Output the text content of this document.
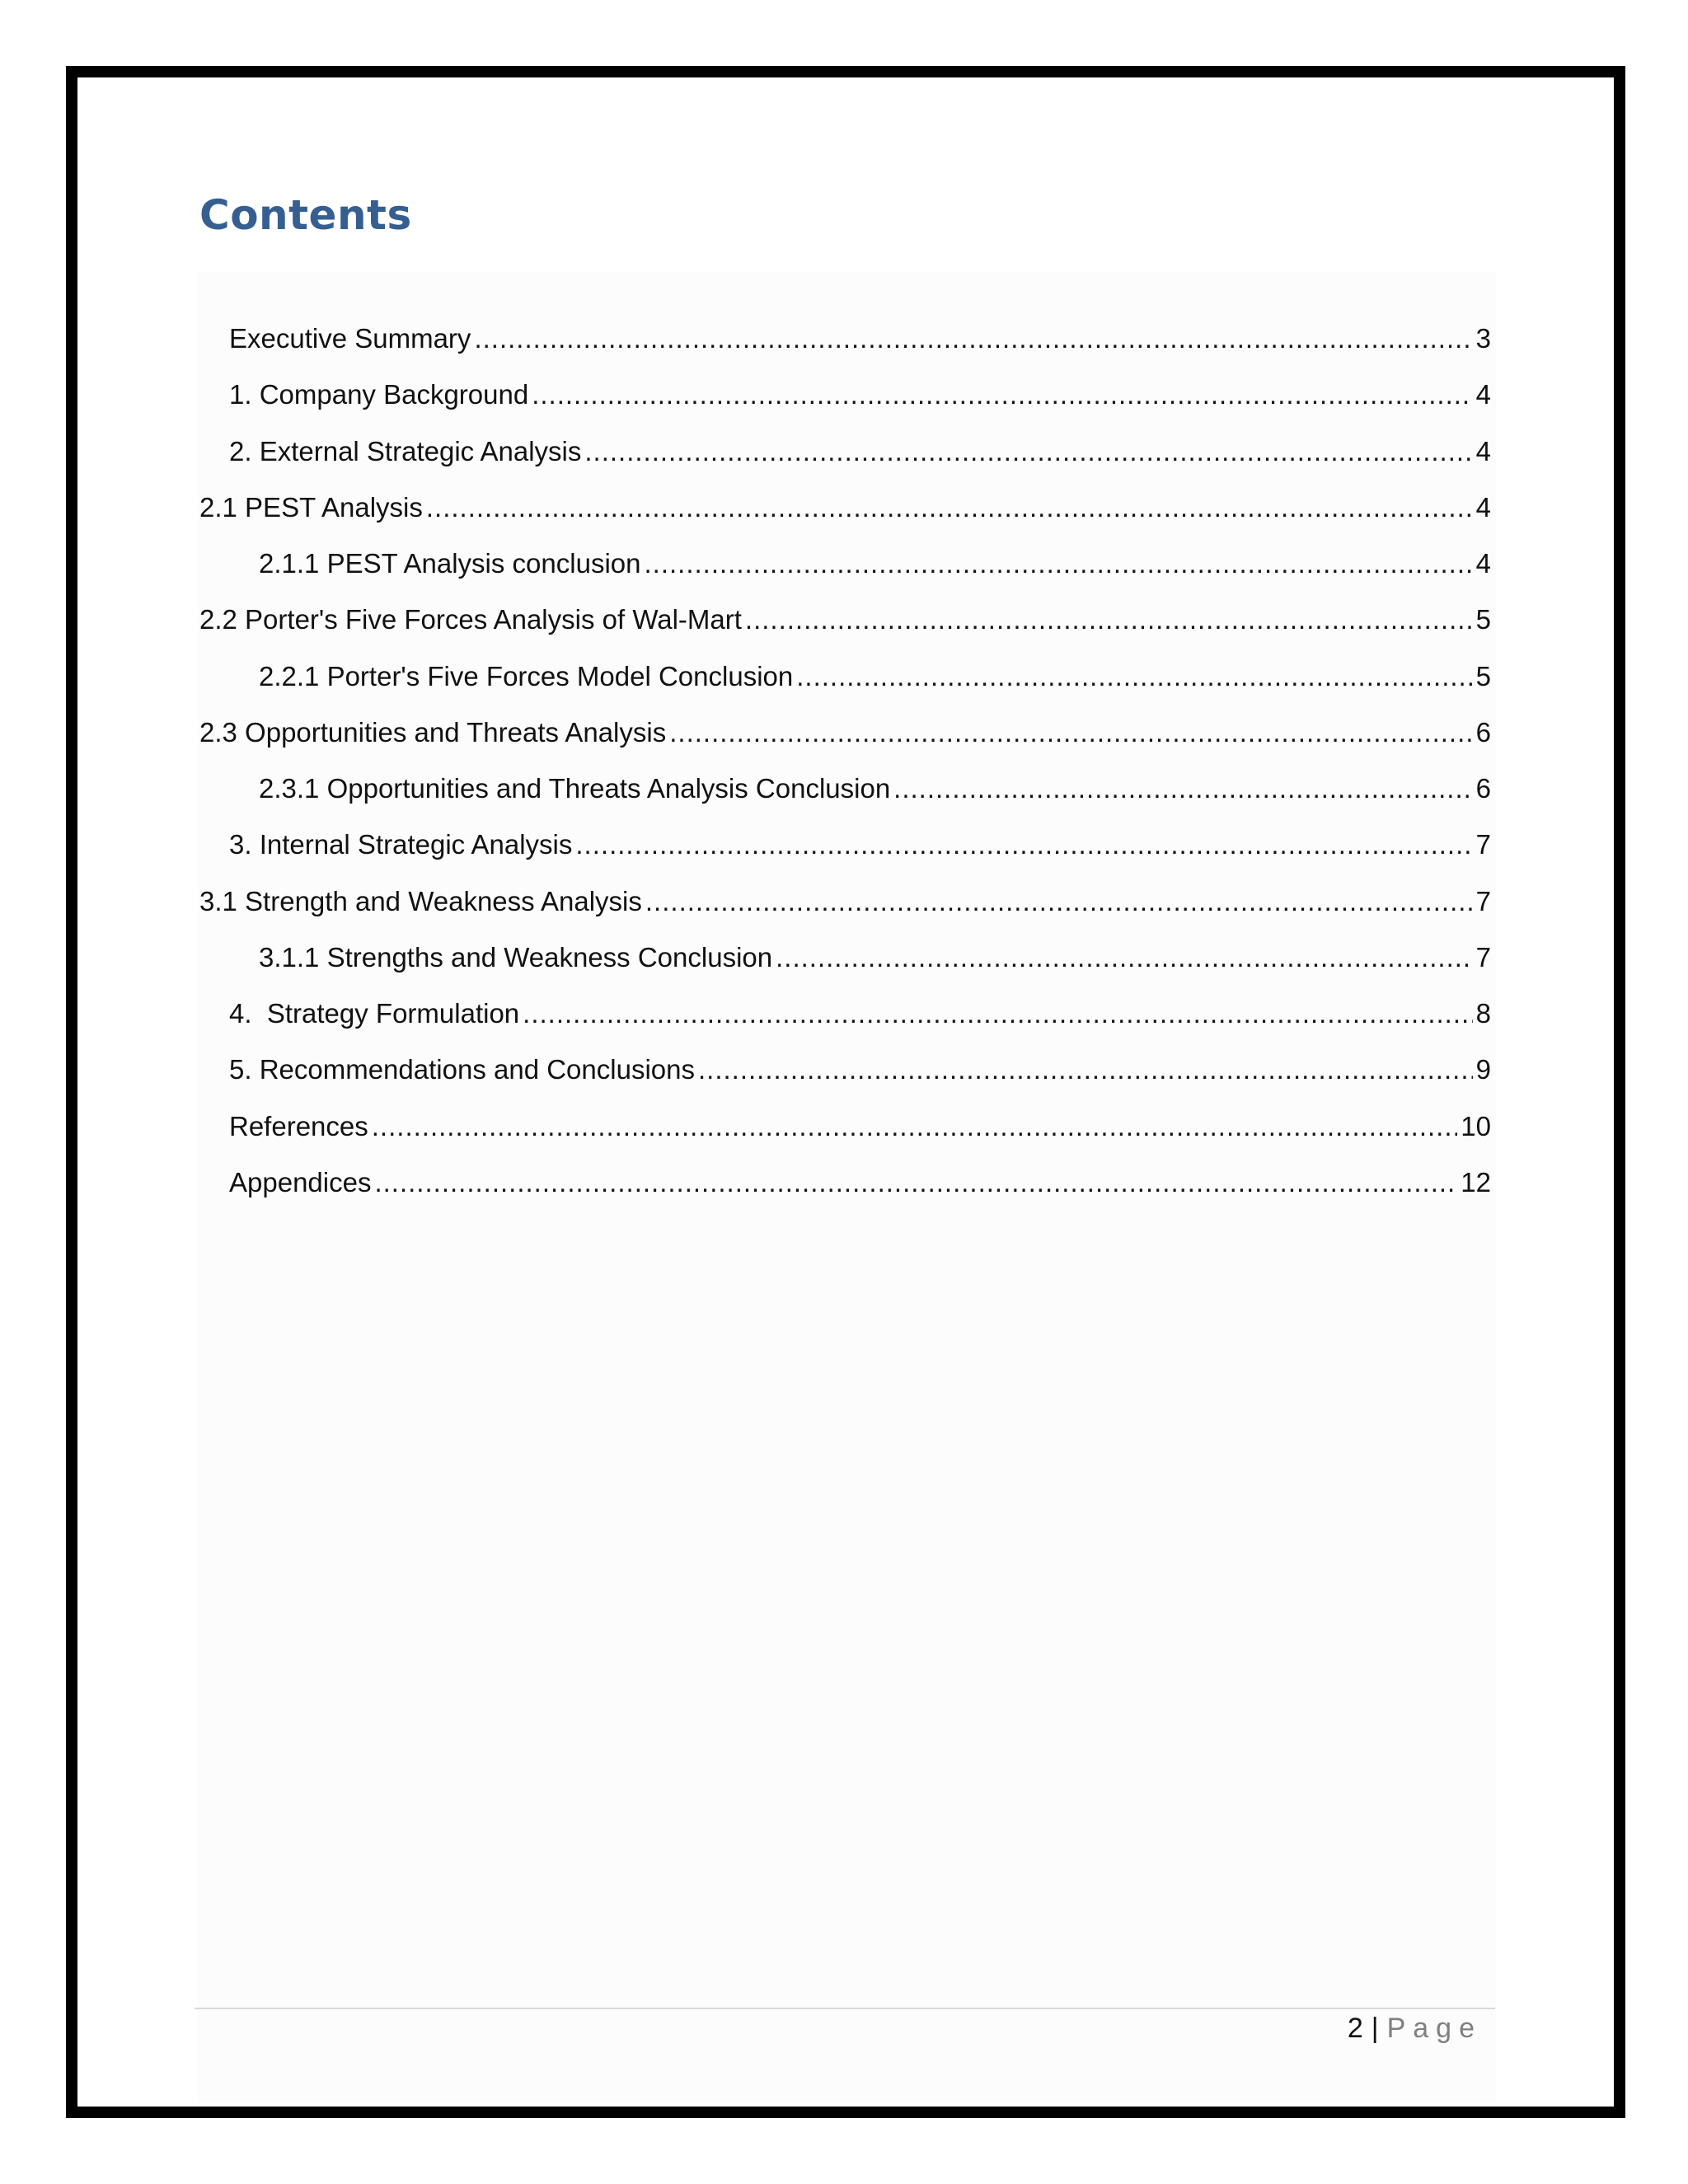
Contents
Executive Summary .....	3
1. Company Background .....	4
2. External Strategic Analysis .....	4
2.1 PEST Analysis .....	4
2.1.1 PEST Analysis conclusion .....	4
2.2 Porter's Five Forces Analysis of Wal-Mart .....	5
2.2.1 Porter's Five Forces Model Conclusion .....	5
2.3 Opportunities and Threats Analysis .....	6
2.3.1 Opportunities and Threats Analysis Conclusion .....	6
3. Internal Strategic Analysis .....	7
3.1 Strength and Weakness Analysis .....	7
3.1.1 Strengths and Weakness Conclusion .....	7
4.  Strategy Formulation .....	8
5. Recommendations and Conclusions .....	9
References .....	10
Appendices .....	12
2 | Page
